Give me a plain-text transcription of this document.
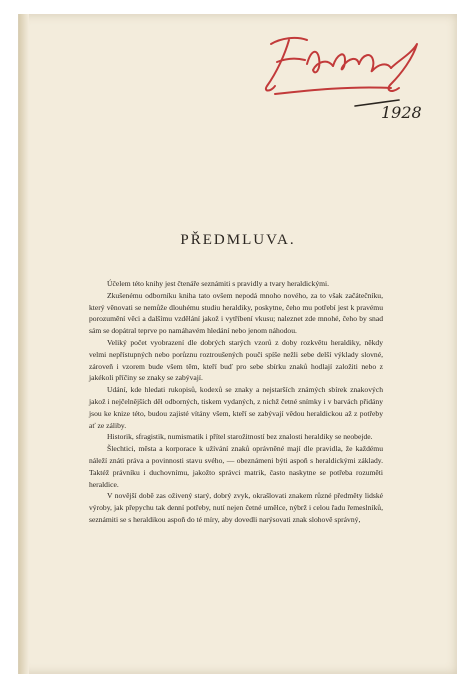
1928
PŘEDMLUVA.

Účelem této knihy jest čtenáře seznámiti s pravidly a tvary heraldickými.

Zkušenému odborníku kniha tato ovšem nepodá mnoho nového, za to však začátečníku, který věnovati se nemůže dlouhému studiu heraldiky, poskytne, čeho mu potřebí jest k pravému porozumění věci a dalšímu vzdělání jakož i vytříbení vkusu; naleznet zde mnohé, čeho by snad sám se dopátral teprve po namáhavém hledání nebo jenom náhodou.

Veliký počet vyobrazení dle dobrých starých vzorů z doby rozkvětu heraldiky, někdy velmi nepřístupných nebo porůznu roztroušených pouči spíše nežli sebe delší výklady slovné, zároveň i vzorem bude všem těm, kteří buď pro sebe sbírku znaků hodlají založiti nebo z jakékoli příčiny se znaky se zabývají.

Udání, kde hledati rukopisů, kodexů se znaky a nejstarších známých sbírek znakových jakož i nejčelnějších děl odborných, tiskem vydaných, z nichž četné snímky i v barvách přidány jsou ke knize této, budou zajisté vítány všem, kteří se zabývají vědou heraldickou až z potřeby ať ze záliby.

Historik, sfragistik, numismatik i přítel starožitností bez znalosti heraldiky se neobejde.

Šlechtici, města a korporace k užívání znaků oprávněné mají dle pravidla, že každému náleží znáti práva a povinnosti stavu svého, — obeznámeni býti aspoň s heraldickými základy. Taktéž právníku i duchovnímu, jakožto správci matrik, často naskytne se potřeba rozuměti heraldice.

V novější době zas oživený starý, dobrý zvyk, okrašlovati znakem různé předměty lidské výroby, jak přepychu tak denní potřeby, nutí nejen četné umělce, nýbrž i celou řadu řemeslníků, seznámiti se s heraldikou aspoň do té míry, aby dovedli narýsovati znak slohově správný,
